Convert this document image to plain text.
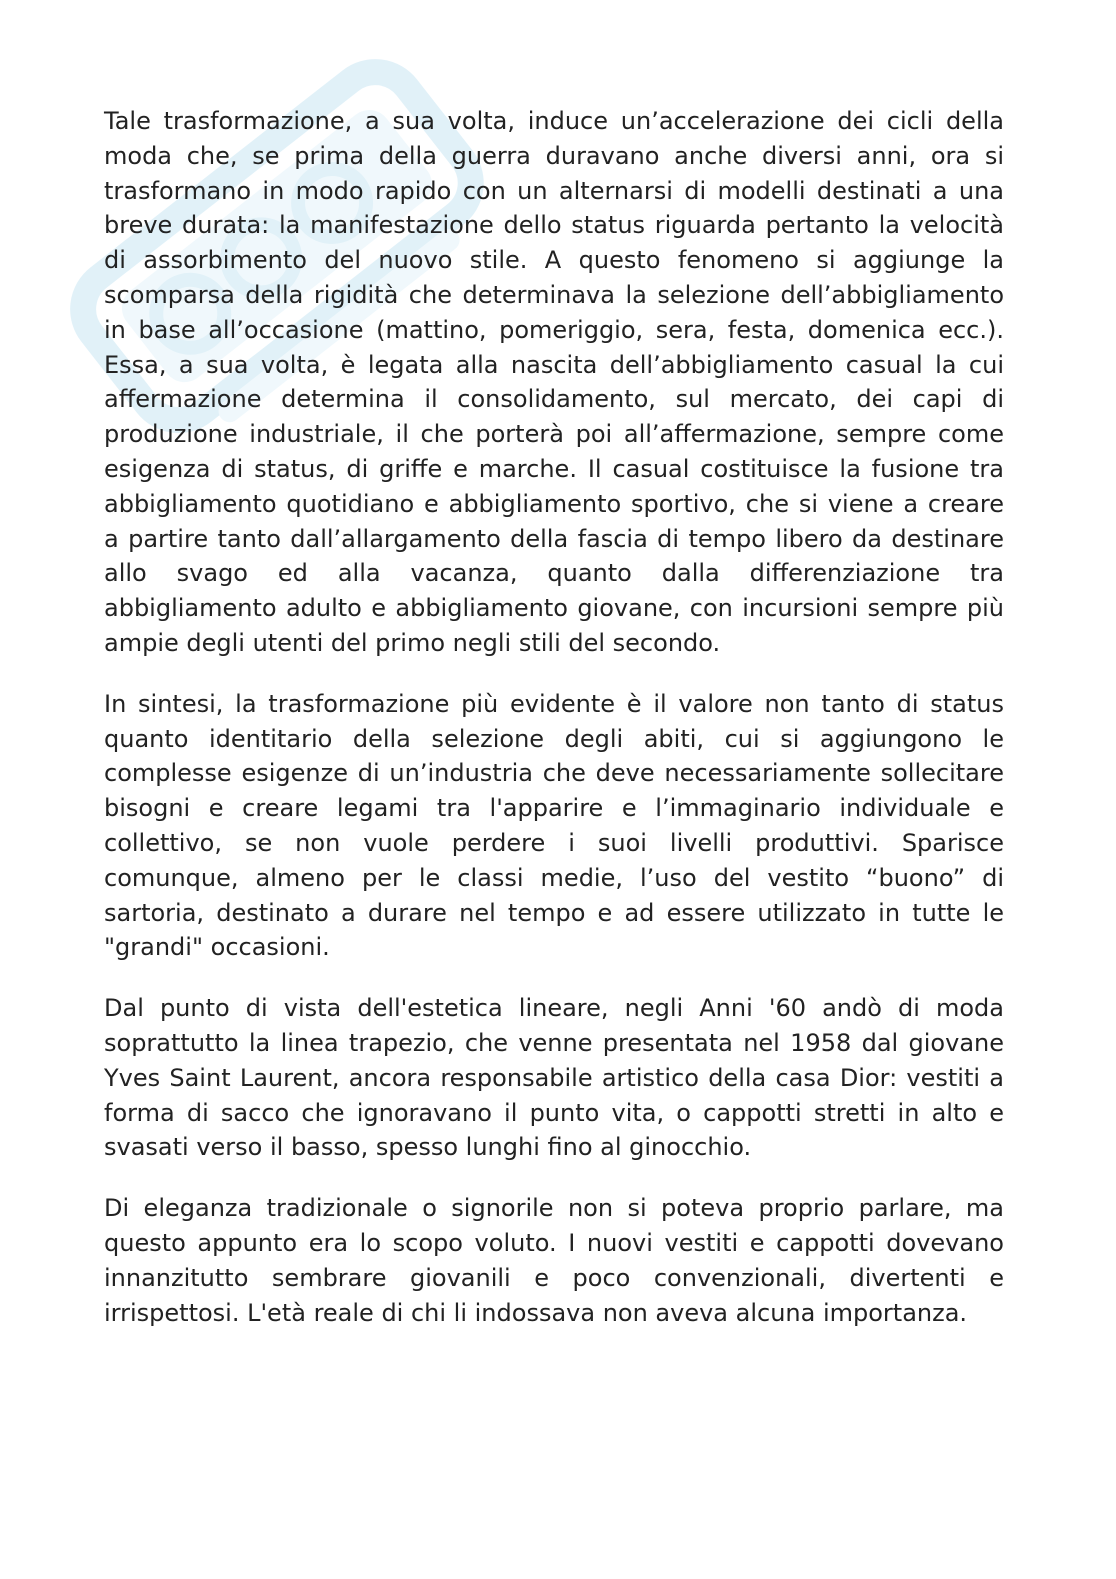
Tale trasformazione, a sua volta, induce un’accelerazione dei cicli della moda che, se prima della guerra duravano anche diversi anni, ora si trasformano in modo rapido con un alternarsi di modelli destinati a una breve durata: la manifestazione dello status riguarda pertanto la velocità di assorbimento del nuovo stile. A questo fenomeno si aggiunge la scomparsa della rigidità che determinava la selezione dell’abbigliamento in base all’occasione (mattino, pomeriggio, sera, festa, domenica ecc.). Essa, a sua volta, è legata alla nascita dell’abbigliamento casual la cui affermazione determina il consolidamento, sul mercato, dei capi di produzione industriale, il che porterà poi all’affermazione, sempre come esigenza di status, di griffe e marche. Il casual costituisce la fusione tra abbigliamento quotidiano e abbigliamento sportivo, che si viene a creare a partire tanto dall’allargamento della fascia di tempo libero da destinare allo svago ed alla vacanza, quanto dalla differenziazione tra abbigliamento adulto e abbigliamento giovane, con incursioni sempre più ampie degli utenti del primo negli stili del secondo.

In sintesi, la trasformazione più evidente è il valore non tanto di status quanto identitario della selezione degli abiti, cui si aggiungono le complesse esigenze di un’industria che deve necessariamente sollecitare bisogni e creare legami tra l'apparire e l’immaginario individuale e collettivo, se non vuole perdere i suoi livelli produttivi. Sparisce comunque, almeno per le classi medie, l’uso del vestito “buono” di sartoria, destinato a durare nel tempo e ad essere utilizzato in tutte le "grandi" occasioni.

Dal punto di vista dell'estetica lineare, negli Anni '60 andò di moda soprattutto la linea trapezio, che venne presentata nel 1958 dal giovane Yves Saint Laurent, ancora responsabile artistico della casa Dior: vestiti a forma di sacco che ignoravano il punto vita, o cappotti stretti in alto e svasati verso il basso, spesso lunghi fino al ginocchio.

Di eleganza tradizionale o signorile non si poteva proprio parlare, ma questo appunto era lo scopo voluto. I nuovi vestiti e cappotti dovevano innanzitutto sembrare giovanili e poco convenzionali, divertenti e irrispettosi. L'età reale di chi li indossava non aveva alcuna importanza.
